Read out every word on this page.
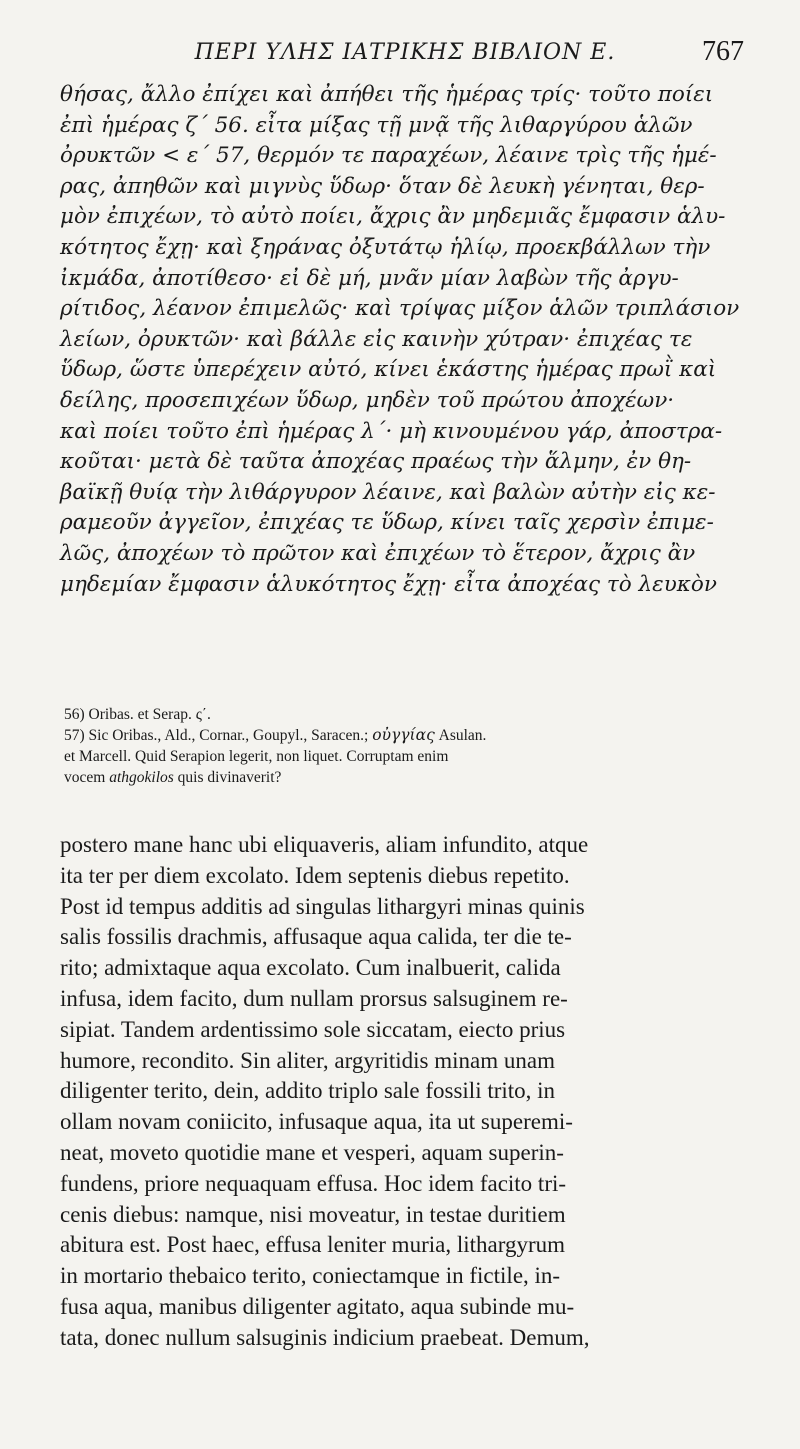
ΠΕΡΙ ΥΛΗΣ ΙΑΤΡΙΚΗΣ ΒΙΒΛΙΟΝ Ε.	767
θήσας, ἄλλο ἐπίχει καὶ ἀπήθει τῆς ἡμέρας τρίς· τοῦτο ποίει
ἐπὶ ἡμέρας ζ΄ 56. εἶτα μίξας τῇ μνᾷ τῆς λιθαργύρου ἁλῶν
ὀρυκτῶν < ε΄ 57, θερμόν τε παραχέων, λέαινε τρὶς τῆς ἡμέ-
ρας, ἀπηθῶν καὶ μιγνὺς ὕδωρ· ὅταν δὲ λευκὴ γένηται, θερ-
μὸν ἐπιχέων, τὸ αὐτὸ ποίει, ἄχρις ἂν μηδεμιᾶς ἔμφασιν ἁλυ-
κότητος ἔχῃ· καὶ ξηράνας ὀξυτάτῳ ἡλίῳ, προεκβάλλων τὴν
ἰκμάδα, ἀποτίθεσο· εἰ δὲ μή, μνᾶν μίαν λαβὼν τῆς ἀργυ-
ρίτιδος, λέανον ἐπιμελῶς· καὶ τρίψας μίξον ἁλῶν τριπλάσιον
λείων, ὀρυκτῶν· καὶ βάλλε εἰς καινὴν χύτραν· ἐπιχέας τε
ὕδωρ, ὥστε ὑπερέχειν αὐτό, κίνει ἑκάστης ἡμέρας πρωῒ καὶ
δείλης, προσεπιχέων ὕδωρ, μηδὲν τοῦ πρώτου ἀποχέων·
καὶ ποίει τοῦτο ἐπὶ ἡμέρας λ΄· μὴ κινουμένου γάρ, ἀποστρα-
κοῦται· μετὰ δὲ ταῦτα ἀποχέας πραέως τὴν ἅλμην, ἐν θη-
βαϊκῇ θυίᾳ τὴν λιθάργυρον λέαινε, καὶ βαλὼν αὐτὴν εἰς κε-
ραμεοῦν ἀγγεῖον, ἐπιχέας τε ὕδωρ, κίνει ταῖς χερσὶν ἐπιμε-
λῶς, ἀποχέων τὸ πρῶτον καὶ ἐπιχέων τὸ ἕτερον, ἄχρις ἂν
μηδεμίαν ἔμφασιν ἁλυκότητος ἔχῃ· εἶτα ἀποχέας τὸ λευκὸν

56) Oribas. et Serap. ς΄.

57) Sic Oribas., Ald., Cornar., Goupyl., Saracen.; οὐγγίας Asulan.

et Marcell. Quid Serapion legerit, non liquet. Corruptam enim

vocem athgokilos quis divinaverit?

postero mane hanc ubi eliquaveris, aliam infundito, atque
ita ter per diem excolato. Idem septenis diebus repetito.
Post id tempus additis ad singulas lithargyri minas quinis
salis fossilis drachmis, affusaque aqua calida, ter die te-
rito; admixtaque aqua excolato. Cum inalbuerit, calida
infusa, idem facito, dum nullam prorsus salsuginem re-
sipiat. Tandem ardentissimo sole siccatam, eiecto prius
humore, recondito. Sin aliter, argyritidis minam unam
diligenter terito, dein, addito triplo sale fossili trito, in
ollam novam coniicito, infusaque aqua, ita ut superemi-
neat, moveto quotidie mane et vesperi, aquam superin-
fundens, priore nequaquam effusa. Hoc idem facito tri-
cenis diebus: namque, nisi moveatur, in testae duritiem
abitura est. Post haec, effusa leniter muria, lithargyrum
in mortario thebaico terito, coniectamque in fictile, in-
fusa aqua, manibus diligenter agitato, aqua subinde mu-
tata, donec nullum salsuginis indicium praebeat. Demum,
